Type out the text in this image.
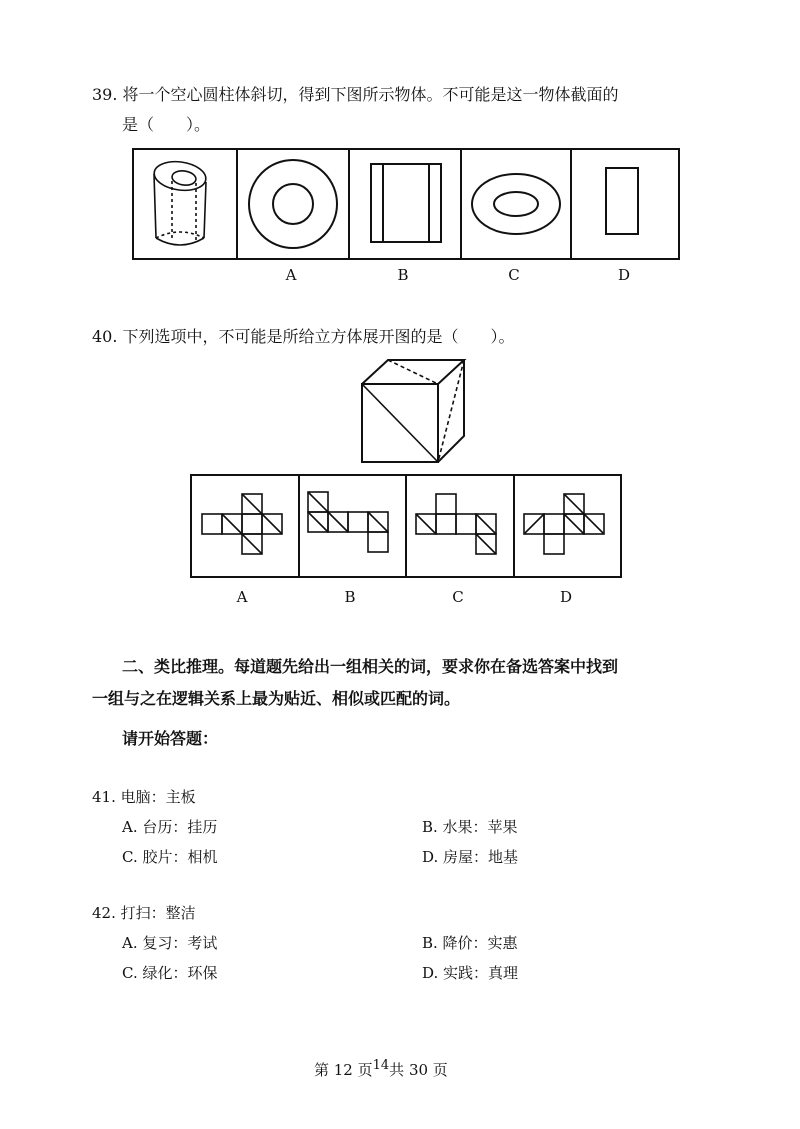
39. 将一个空心圆柱体斜切，得到下图所示物体。不可能是这一物体截面的
是（　　）。
A	B	C	D
40. 下列选项中，不可能是所给立方体展开图的是（　　）。
A	B	C	D
二、类比推理。每道题先给出一组相关的词，要求你在备选答案中找到
一组与之在逻辑关系上最为贴近、相似或匹配的词。
请开始答题：
41. 电脑：主板
A. 台历：挂历	B. 水果：苹果
C. 胶片：相机	D. 房屋：地基
42. 打扫：整洁
A. 复习：考试	B. 降价：实惠
C. 绿化：环保	D. 实践：真理
第 12 页$^{14}$共 30 页
